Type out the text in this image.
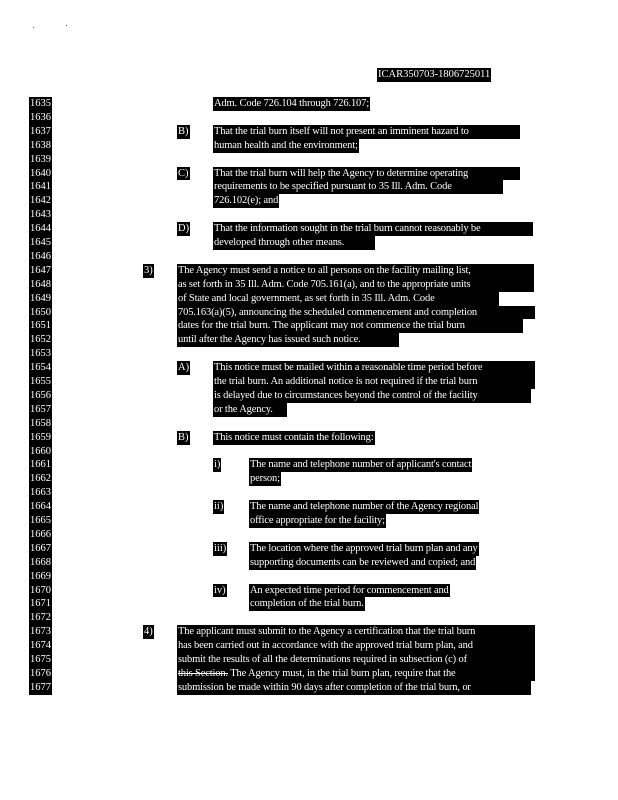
ICAR350703-1806725011
1635	Adm. Code 726.104 through 726.107;
1636
1637	B) That the trial burn itself will not present an imminent hazard to
1638	human health and the environment;
1639
1640	C) That the trial burn will help the Agency to determine operating
1641	requirements to be specified pursuant to 35 Ill. Adm. Code
1642	726.102(e); and
1643
1644	D) That the information sought in the trial burn cannot reasonably be
1645	developed through other means.
1646
1647	3) The Agency must send a notice to all persons on the facility mailing list,
1648	as set forth in 35 Ill. Adm. Code 705.161(a), and to the appropriate units
1649	of State and local government, as set forth in 35 Ill. Adm. Code
1650	705.163(a)(5), announcing the scheduled commencement and completion
1651	dates for the trial burn. The applicant may not commence the trial burn
1652	until after the Agency has issued such notice.
1653
1654	A) This notice must be mailed within a reasonable time period before
1655	the trial burn. An additional notice is not required if the trial burn
1656	is delayed due to circumstances beyond the control of the facility
1657	or the Agency.
1658
1659	B) This notice must contain the following:
1660
1661	i)	The name and telephone number of applicant's contact
1662	person;
1663
1664	ii)	The name and telephone number of the Agency regional
1665	office appropriate for the facility;
1666
1667	iii) The location where the approved trial burn plan and any
1668	supporting documents can be reviewed and copied; and
1669
1670	iv) An expected time period for commencement and
1671	completion of the trial burn.
1672
1673	4) The applicant must submit to the Agency a certification that the trial burn
1674	has been carried out in accordance with the approved trial burn plan, and
1675	submit the results of all the determinations required in subsection (c) of
1676	this Section. The Agency must, in the trial burn plan, require that the
1677	submission be made within 90 days after completion of the trial burn, or
